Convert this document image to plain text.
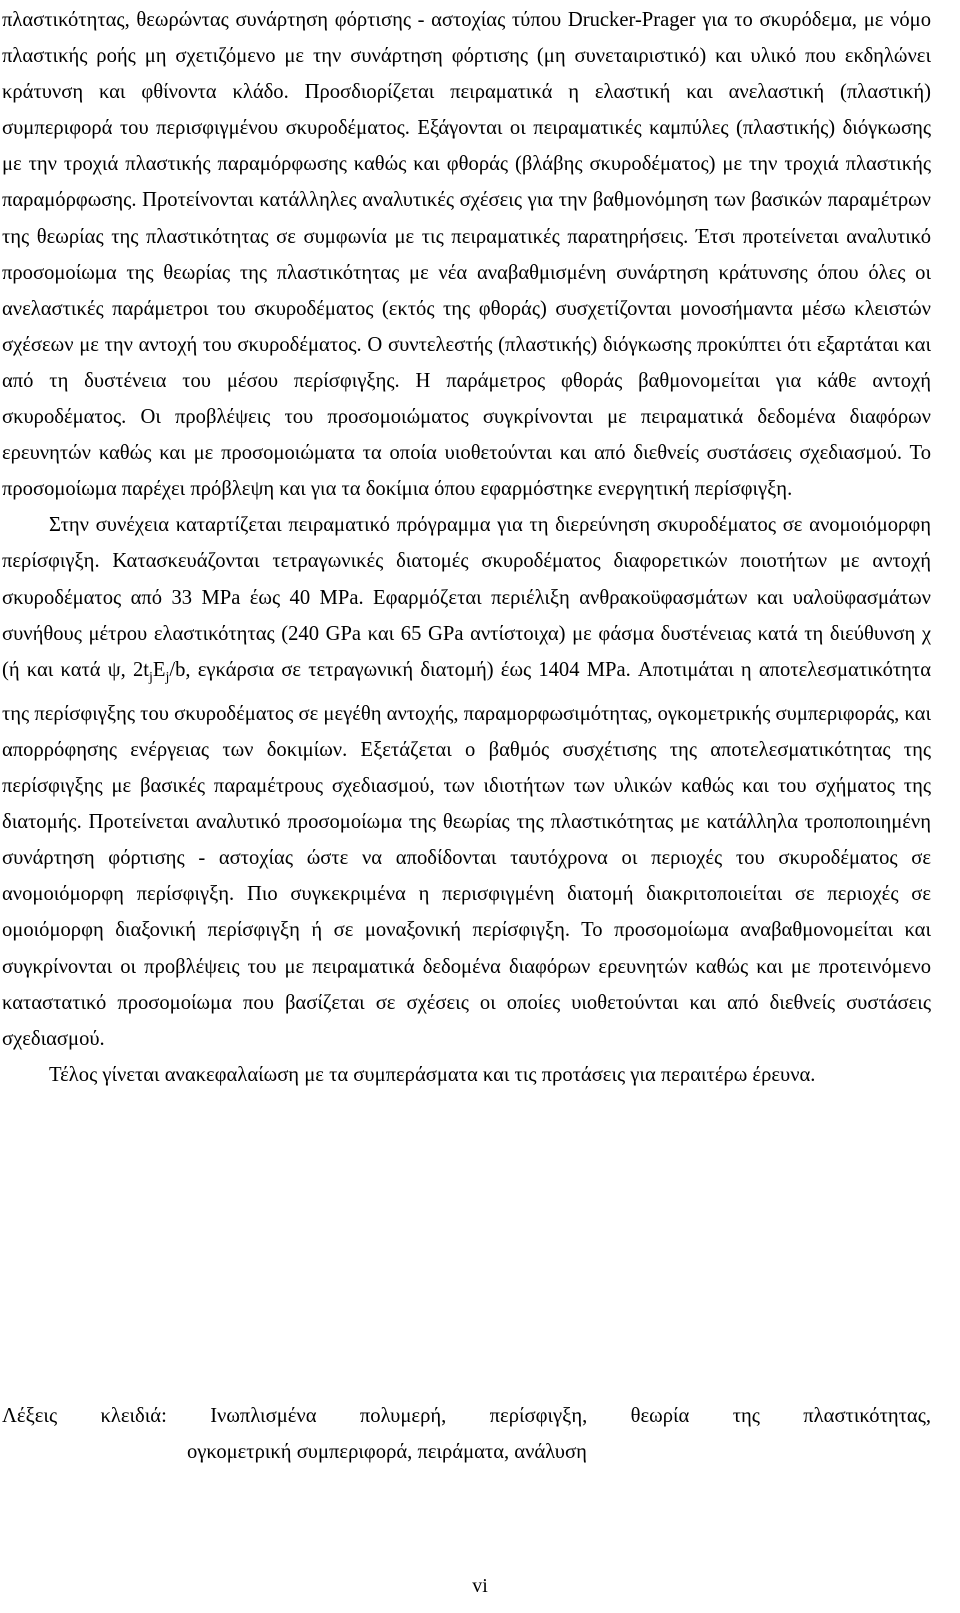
πλαστικότητας, θεωρώντας συνάρτηση φόρτισης - αστοχίας τύπου Drucker-Prager για το σκυρόδεμα, με νόμο πλαστικής ροής μη σχετιζόμενο με την συνάρτηση φόρτισης (μη συνεταιριστικό) και υλικό που εκδηλώνει κράτυνση και φθίνοντα κλάδο. Προσδιορίζεται πειραματικά η ελαστική και ανελαστική (πλαστική) συμπεριφορά του περισφιγμένου σκυροδέματος. Εξάγονται οι πειραματικές καμπύλες (πλαστικής) διόγκωσης με την τροχιά πλαστικής παραμόρφωσης καθώς και φθοράς (βλάβης σκυροδέματος) με την τροχιά πλαστικής παραμόρφωσης. Προτείνονται κατάλληλες αναλυτικές σχέσεις για την βαθμονόμηση των βασικών παραμέτρων της θεωρίας της πλαστικότητας σε συμφωνία με τις πειραματικές παρατηρήσεις. Έτσι προτείνεται αναλυτικό προσομοίωμα της θεωρίας της πλαστικότητας με νέα αναβαθμισμένη συνάρτηση κράτυνσης όπου όλες οι ανελαστικές παράμετροι του σκυροδέματος (εκτός της φθοράς) συσχετίζονται μονοσήμαντα μέσω κλειστών σχέσεων με την αντοχή του σκυροδέματος. Ο συντελεστής (πλαστικής) διόγκωσης προκύπτει ότι εξαρτάται και από τη δυστένεια του μέσου περίσφιγξης. Η παράμετρος φθοράς βαθμονομείται για κάθε αντοχή σκυροδέματος. Οι προβλέψεις του προσομοιώματος συγκρίνονται με πειραματικά δεδομένα διαφόρων ερευνητών καθώς και με προσομοιώματα τα οποία υιοθετούνται και από διεθνείς συστάσεις σχεδιασμού. Το προσομοίωμα παρέχει πρόβλεψη και για τα δοκίμια όπου εφαρμόστηκε ενεργητική περίσφιγξη.

Στην συνέχεια καταρτίζεται πειραματικό πρόγραμμα για τη διερεύνηση σκυροδέματος σε ανομοιόμορφη περίσφιγξη. Κατασκευάζονται τετραγωνικές διατομές σκυροδέματος διαφορετικών ποιοτήτων με αντοχή σκυροδέματος από 33 MPa έως 40 MPa. Εφαρμόζεται περιέλιξη ανθρακοϋφασμάτων και υαλοϋφασμάτων συνήθους μέτρου ελαστικότητας (240 GPa και 65 GPa αντίστοιχα) με φάσμα δυστένειας κατά τη διεύθυνση χ (ή και κατά ψ, $2t_jE_j/b$, εγκάρσια σε τετραγωνική διατομή) έως 1404 MPa. Αποτιμάται η αποτελεσματικότητα της περίσφιγξης του σκυροδέματος σε μεγέθη αντοχής, παραμορφωσιμότητας, ογκομετρικής συμπεριφοράς, και απορρόφησης ενέργειας των δοκιμίων. Εξετάζεται ο βαθμός συσχέτισης της αποτελεσματικότητας της περίσφιγξης με βασικές παραμέτρους σχεδιασμού, των ιδιοτήτων των υλικών καθώς και του σχήματος της διατομής. Προτείνεται αναλυτικό προσομοίωμα της θεωρίας της πλαστικότητας με κατάλληλα τροποποιημένη συνάρτηση φόρτισης - αστοχίας ώστε να αποδίδονται ταυτόχρονα οι περιοχές του σκυροδέματος σε ανομοιόμορφη περίσφιγξη. Πιο συγκεκριμένα η περισφιγμένη διατομή διακριτοποιείται σε περιοχές σε ομοιόμορφη διαξονική περίσφιγξη ή σε μοναξονική περίσφιγξη. Το προσομοίωμα αναβαθμονομείται και συγκρίνονται οι προβλέψεις του με πειραματικά δεδομένα διαφόρων ερευνητών καθώς και με προτεινόμενο καταστατικό προσομοίωμα που βασίζεται σε σχέσεις οι οποίες υιοθετούνται και από διεθνείς συστάσεις σχεδιασμού.

Τέλος γίνεται ανακεφαλαίωση με τα συμπεράσματα και τις προτάσεις για περαιτέρω έρευνα.

Λέξεις κλειδιά: Ινωπλισμένα πολυμερή, περίσφιγξη, θεωρία της πλαστικότητας,
ογκομετρική συμπεριφορά, πειράματα, ανάλυση
vi
